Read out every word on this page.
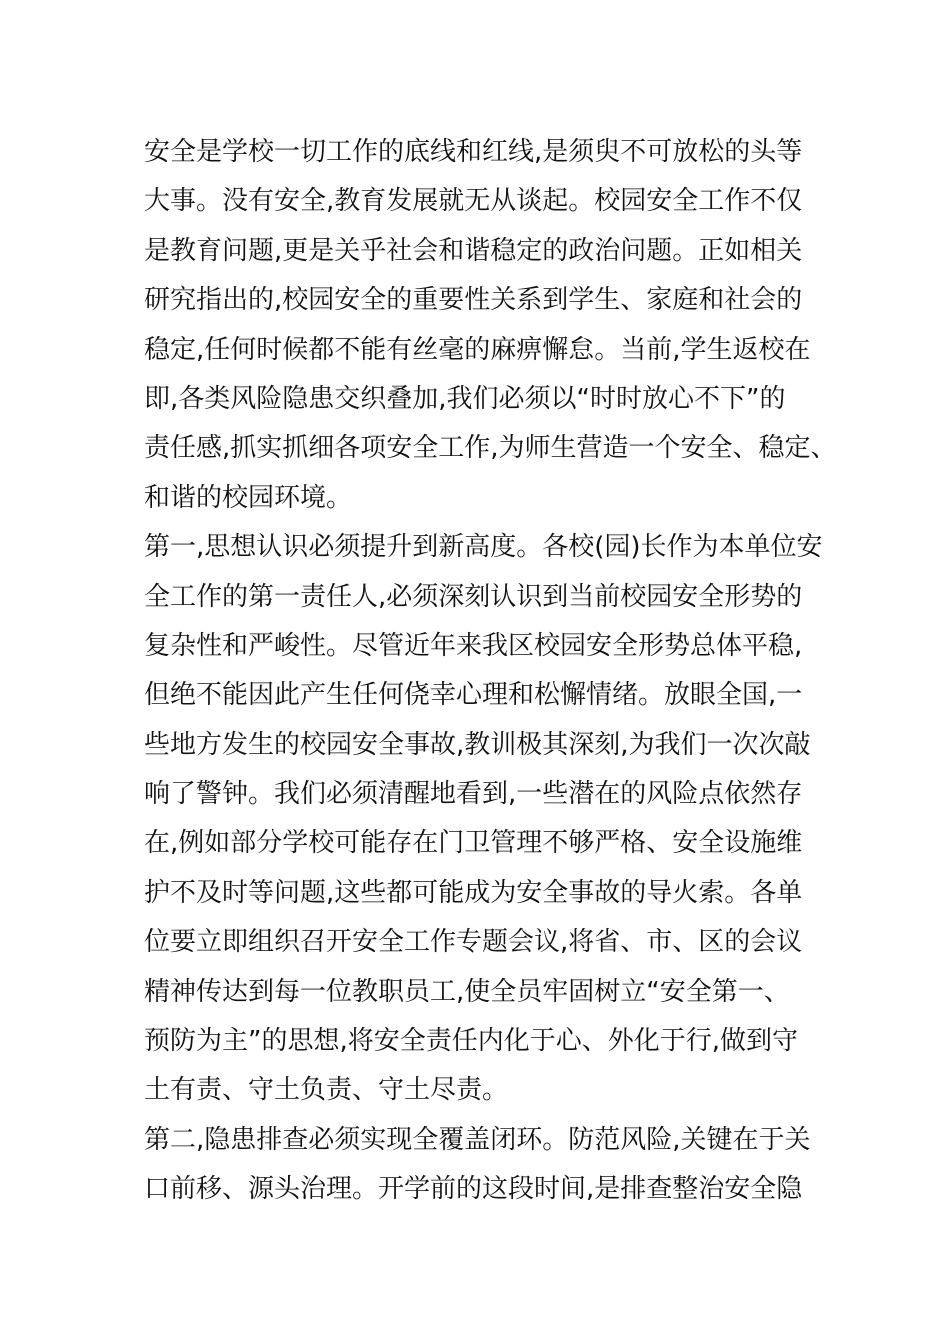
安全是学校一切工作的底线和红线,是须臾不可放松的头等
大事。没有安全,教育发展就无从谈起。校园安全工作不仅
是教育问题,更是关乎社会和谐稳定的政治问题。正如相关
研究指出的,校园安全的重要性关系到学生、家庭和社会的
稳定,任何时候都不能有丝毫的麻痹懈怠。当前,学生返校在
即,各类风险隐患交织叠加,我们必须以“时时放心不下”的
责任感,抓实抓细各项安全工作,为师生营造一个安全、稳定、
和谐的校园环境。
第一,思想认识必须提升到新高度。各校(园)长作为本单位安
全工作的第一责任人,必须深刻认识到当前校园安全形势的
复杂性和严峻性。尽管近年来我区校园安全形势总体平稳,
但绝不能因此产生任何侥幸心理和松懈情绪。放眼全国,一
些地方发生的校园安全事故,教训极其深刻,为我们一次次敲
响了警钟。我们必须清醒地看到,一些潜在的风险点依然存
在,例如部分学校可能存在门卫管理不够严格、安全设施维
护不及时等问题,这些都可能成为安全事故的导火索。各单
位要立即组织召开安全工作专题会议,将省、市、区的会议
精神传达到每一位教职员工,使全员牢固树立“安全第一、
预防为主”的思想,将安全责任内化于心、外化于行,做到守
土有责、守土负责、守土尽责。
第二,隐患排查必须实现全覆盖闭环。防范风险,关键在于关
口前移、源头治理。开学前的这段时间,是排查整治安全隐
